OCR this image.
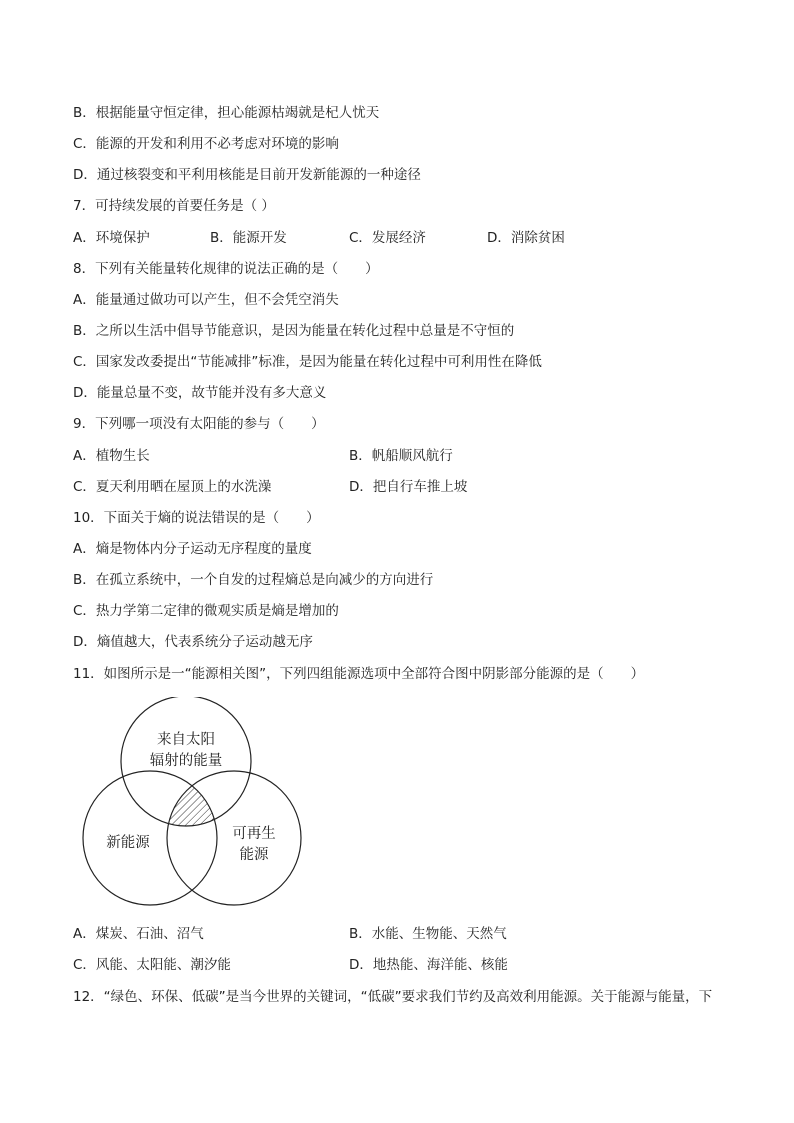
B．根据能量守恒定律，担心能源枯竭就是杞人忧天
C．能源的开发和利用不必考虑对环境的影响
D．通过核裂变和平利用核能是目前开发新能源的一种途径
7．可持续发展的首要任务是（ ）
A．环境保护	B．能源开发	C．发展经济	D．消除贫困
8．下列有关能量转化规律的说法正确的是（　　）
A．能量通过做功可以产生，但不会凭空消失
B．之所以生活中倡导节能意识，是因为能量在转化过程中总量是不守恒的
C．国家发改委提出“节能减排”标准，是因为能量在转化过程中可利用性在降低
D．能量总量不变，故节能并没有多大意义
9．下列哪一项没有太阳能的参与（　　）
A．植物生长	B．帆船顺风航行
C．夏天利用晒在屋顶上的水洗澡	D．把自行车推上坡
10．下面关于熵的说法错误的是（　　）
A．熵是物体内分子运动无序程度的量度
B．在孤立系统中，一个自发的过程熵总是向减少的方向进行
C．热力学第二定律的微观实质是熵是增加的
D．熵值越大，代表系统分子运动越无序
11．如图所示是一“能源相关图”，下列四组能源选项中全部符合图中阴影部分能源的是（　　）
来自太阳
辐射的能量
新能源
可再生
能源
A．煤炭、石油、沼气	B．水能、生物能、天然气
C．风能、太阳能、潮汐能	D．地热能、海洋能、核能
12．“绿色、环保、低碳”是当今世界的关键词，“低碳”要求我们节约及高效利用能源。关于能源与能量，下
